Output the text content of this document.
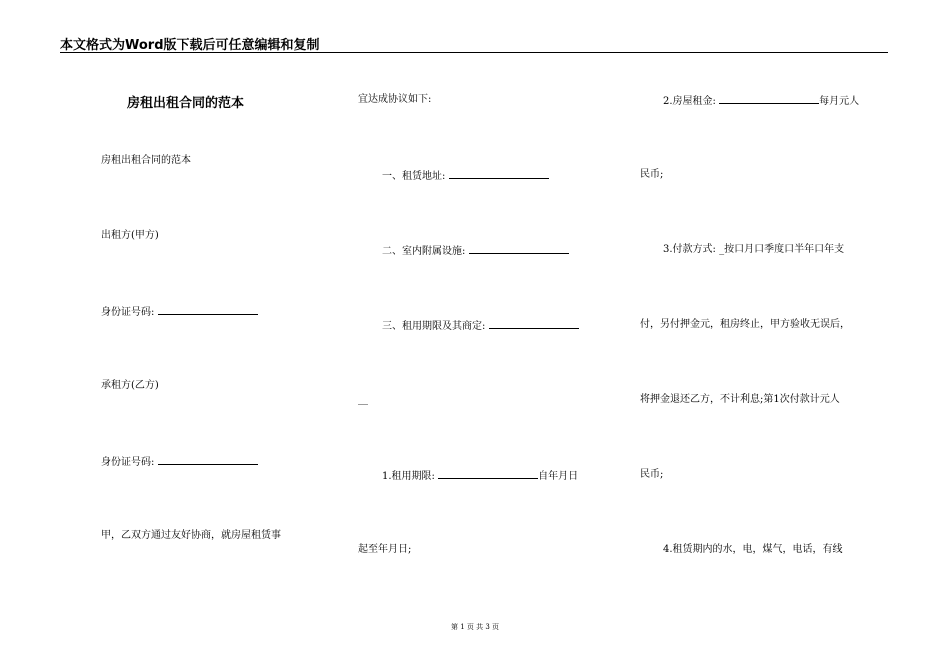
本文格式为Word版下载后可任意编辑和复制
房租出租合同的范本
房租出租合同的范本
出租方(甲方)
身份证号码:
承租方(乙方)
身份证号码:
甲，乙双方通过友好协商，就房屋租赁事
宜达成协议如下:
一、租赁地址:
二、室内附属设施:
三、租用期限及其商定:
__
1.租用期限:	自年月日
起至年月日;
2.房屋租金:	每月元人
民币;
3.付款方式: _按口月口季度口半年口年支
付，另付押金元，租房终止，甲方验收无误后，
将押金退还乙方，不计利息;第1次付款计元人
民币;
4.租赁期内的水，电，煤气，电话，有线
第 1 页 共 3 页
